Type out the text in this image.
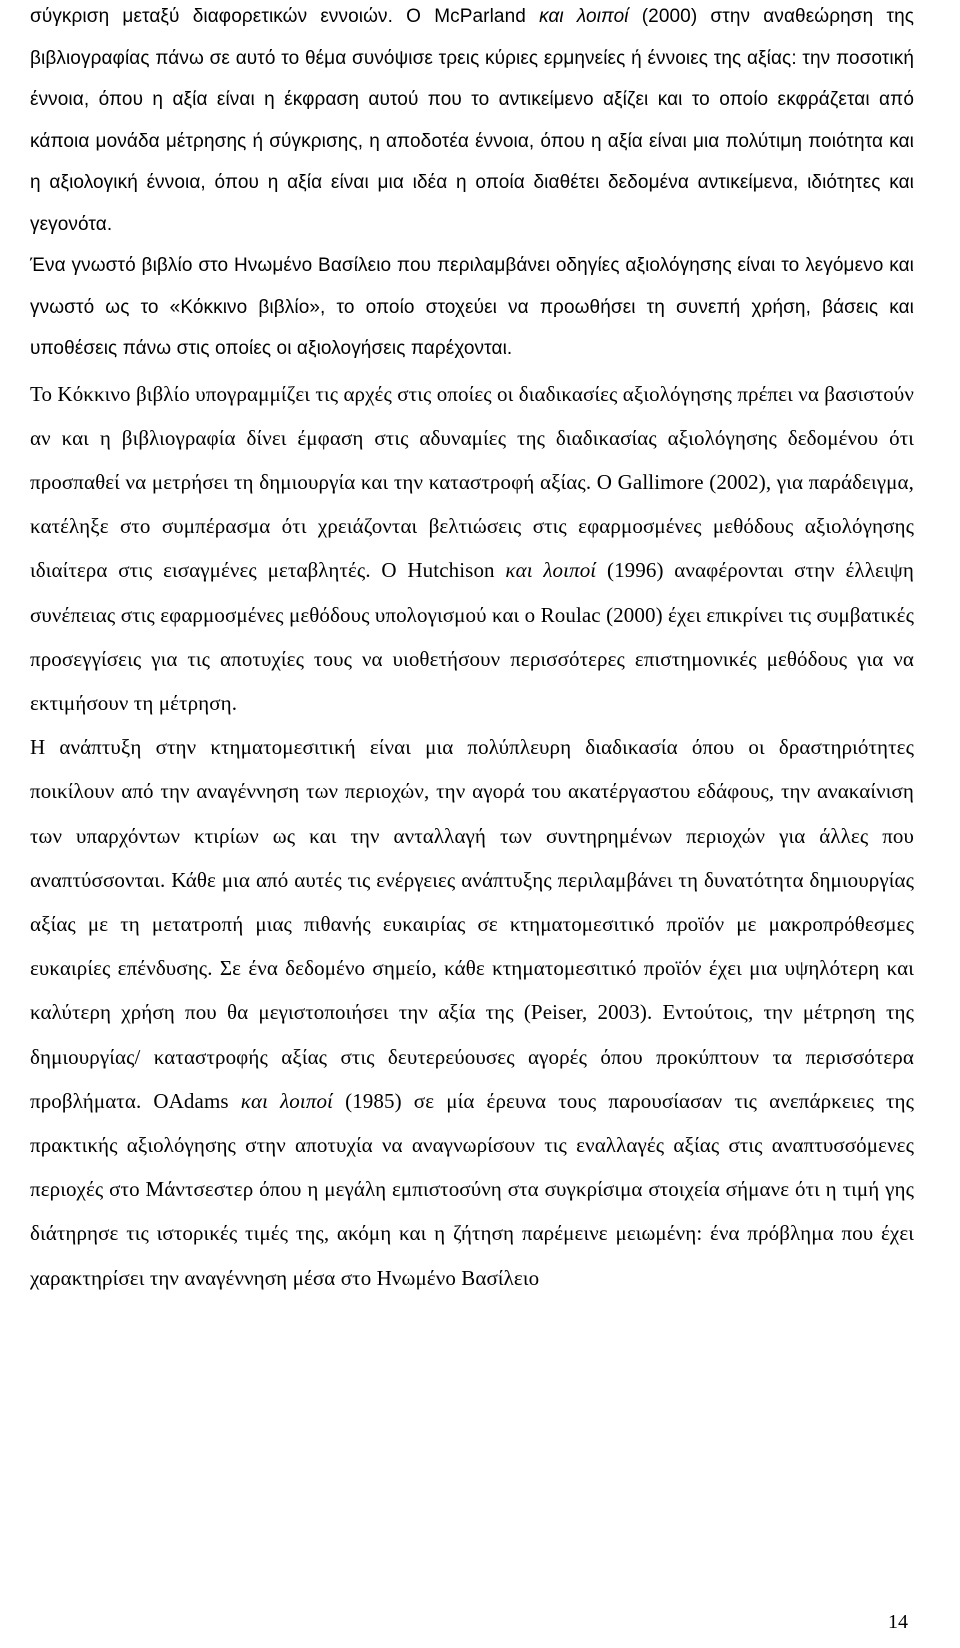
σύγκριση μεταξύ διαφορετικών εννοιών. Ο McParland και λοιποί (2000) στην αναθεώρηση της βιβλιογραφίας πάνω σε αυτό το θέμα συνόψισε τρεις κύριες ερμηνείες ή έννοιες της αξίας: την ποσοτική έννοια, όπου η αξία είναι η έκφραση αυτού που το αντικείμενο αξίζει και το οποίο εκφράζεται από κάποια μονάδα μέτρησης ή σύγκρισης, η αποδοτέα έννοια, όπου η αξία είναι μια πολύτιμη ποιότητα και η αξιολογική έννοια, όπου η αξία είναι μια ιδέα η οποία διαθέτει δεδομένα αντικείμενα, ιδιότητες και γεγονότα.

Ένα γνωστό βιβλίο στο Ηνωμένο Βασίλειο που περιλαμβάνει οδηγίες αξιολόγησης είναι το λεγόμενο και γνωστό ως το «Κόκκινο βιβλίο», το οποίο στοχεύει να προωθήσει τη συνεπή χρήση, βάσεις και υποθέσεις πάνω στις οποίες οι αξιολογήσεις παρέχονται.

Το Κόκκινο βιβλίο υπογραμμίζει τις αρχές στις οποίες οι διαδικασίες αξιολόγησης πρέπει να βασιστούν αν και η βιβλιογραφία δίνει έμφαση στις αδυναμίες της διαδικασίας αξιολόγησης δεδομένου ότι προσπαθεί να μετρήσει τη δημιουργία και την καταστροφή αξίας. Ο Gallimore (2002), για παράδειγμα, κατέληξε στο συμπέρασμα ότι χρειάζονται βελτιώσεις στις εφαρμοσμένες μεθόδους αξιολόγησης ιδιαίτερα στις εισαγμένες μεταβλητές. Ο Hutchison και λοιποί (1996) αναφέρονται στην έλλειψη συνέπειας στις εφαρμοσμένες μεθόδους υπολογισμού και ο Roulac (2000) έχει επικρίνει τις συμβατικές προσεγγίσεις για τις αποτυχίες τους να υιοθετήσουν περισσότερες επιστημονικές μεθόδους για να εκτιμήσουν τη μέτρηση.

Η ανάπτυξη στην κτηματομεσιτική είναι μια πολύπλευρη διαδικασία όπου οι δραστηριότητες ποικίλουν από την αναγέννηση των περιοχών, την αγορά του ακατέργαστου εδάφους, την ανακαίνιση των υπαρχόντων κτιρίων ως και την ανταλλαγή των συντηρημένων περιοχών για άλλες που αναπτύσσονται. Κάθε μια από αυτές τις ενέργειες ανάπτυξης περιλαμβάνει τη δυνατότητα δημιουργίας αξίας με τη μετατροπή μιας πιθανής ευκαιρίας σε κτηματομεσιτικό προϊόν με μακροπρόθεσμες ευκαιρίες επένδυσης. Σε ένα δεδομένο σημείο, κάθε κτηματομεσιτικό προϊόν έχει μια υψηλότερη και καλύτερη χρήση που θα μεγιστοποιήσει την αξία της (Peiser, 2003). Εντούτοις, την μέτρηση της δημιουργίας/ καταστροφής αξίας στις δευτερεύουσες αγορές όπου προκύπτουν τα περισσότερα προβλήματα. ΟAdams και λοιποί (1985) σε μία έρευνα τους παρουσίασαν τις ανεπάρκειες της πρακτικής αξιολόγησης στην αποτυχία να αναγνωρίσουν τις εναλλαγές αξίας στις αναπτυσσόμενες περιοχές στο Μάντσεστερ όπου η μεγάλη εμπιστοσύνη στα συγκρίσιμα στοιχεία σήμανε ότι η τιμή γης διάτηρησε τις ιστορικές τιμές της, ακόμη και η ζήτηση παρέμεινε μειωμένη: ένα πρόβλημα που έχει χαρακτηρίσει την αναγέννηση μέσα στο Ηνωμένο Βασίλειο

14
